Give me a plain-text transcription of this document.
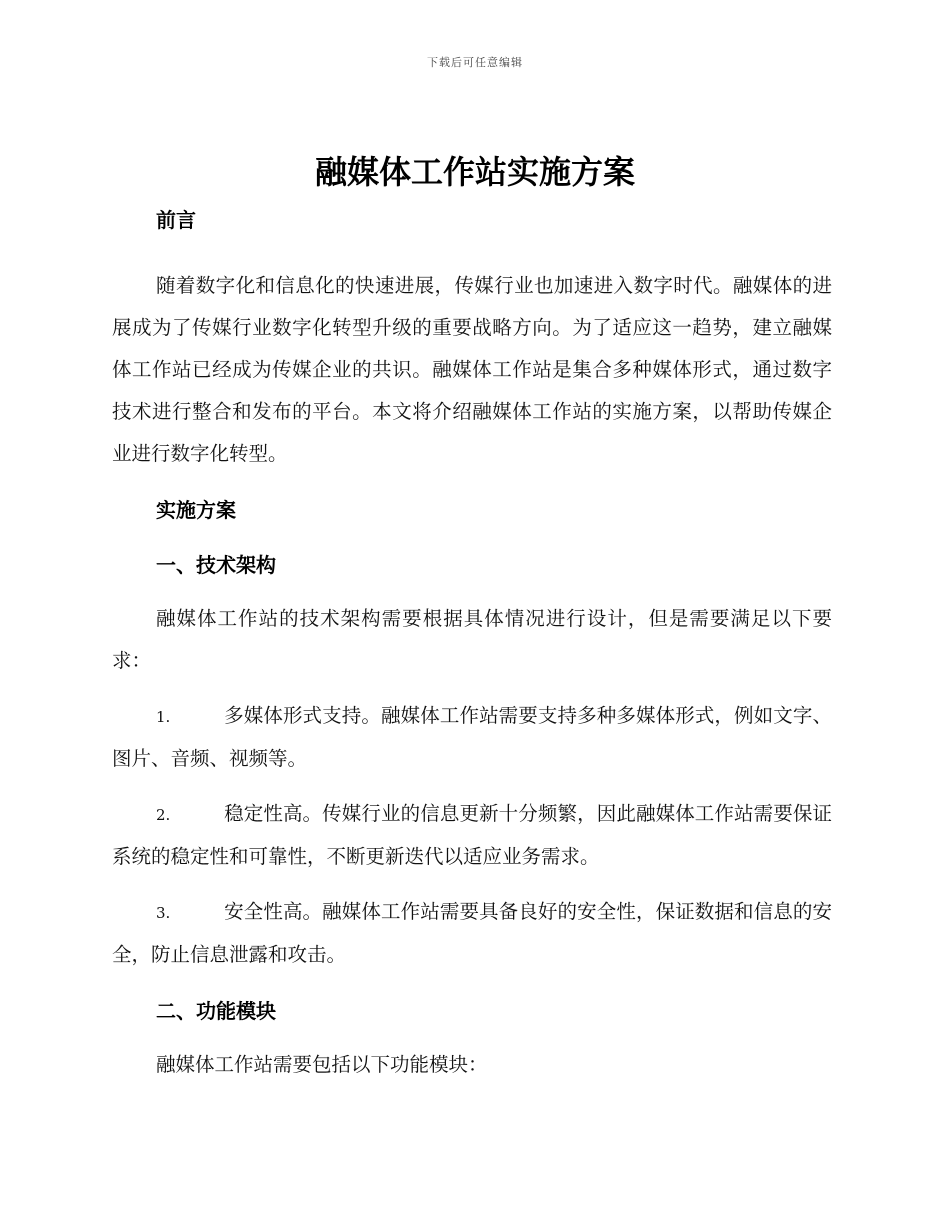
下载后可任意编辑
融媒体工作站实施方案

前言

随着数字化和信息化的快速进展，传媒行业也加速进入数字时代。融媒体的进展成为了传媒行业数字化转型升级的重要战略方向。为了适应这一趋势，建立融媒体工作站已经成为传媒企业的共识。融媒体工作站是集合多种媒体形式，通过数字技术进行整合和发布的平台。本文将介绍融媒体工作站的实施方案，以帮助传媒企业进行数字化转型。

实施方案

一、技术架构

融媒体工作站的技术架构需要根据具体情况进行设计，但是需要满足以下要求：

1.	多媒体形式支持。融媒体工作站需要支持多种多媒体形式，例如文字、图片、音频、视频等。

2.	稳定性高。传媒行业的信息更新十分频繁，因此融媒体工作站需要保证系统的稳定性和可靠性，不断更新迭代以适应业务需求。

3.	安全性高。融媒体工作站需要具备良好的安全性，保证数据和信息的安全，防止信息泄露和攻击。

二、功能模块

融媒体工作站需要包括以下功能模块：
